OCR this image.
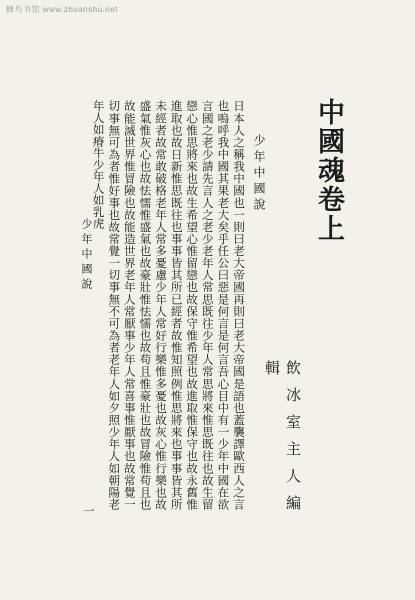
蜂鸟书馆 www.zhuanshu.net
中國魂卷上
少年中國說
飲冰室主人編輯
日本人之稱我中國也一則曰老大帝國再則曰老大帝國是語也蓋襲譯歐西人之言也嗚呼我中國其果老大矣乎任公曰惡是何言是何言吾心目中有一少年中國在欲言國之老少請先言人之老少老年人常思既往少年人常思將來惟思既往也故生留戀心惟思將來也故生希望心惟留戀也故保守惟希望也故進取惟保守也故永舊惟進取也故日新惟思既往也事事皆其所已經者故惟知照例惟思將來也事事皆其所未經者故常敢破格老年人常多憂慮少年人常好行樂惟多憂也故灰心惟行樂也故盛氣惟灰心也故怯懦惟盛氣也故豪壯惟怯懦也故苟且惟豪壯也故冒險惟苟且也故能滅世界惟冒險也故能造世界老年人常厭事少年人常喜事惟厭事也故常覺一切事無可為者惟好事也故常覺一切事無不可為者老年人如夕照少年人如朝陽老年人如瘠牛少年人如乳虎
少年中國說
一
